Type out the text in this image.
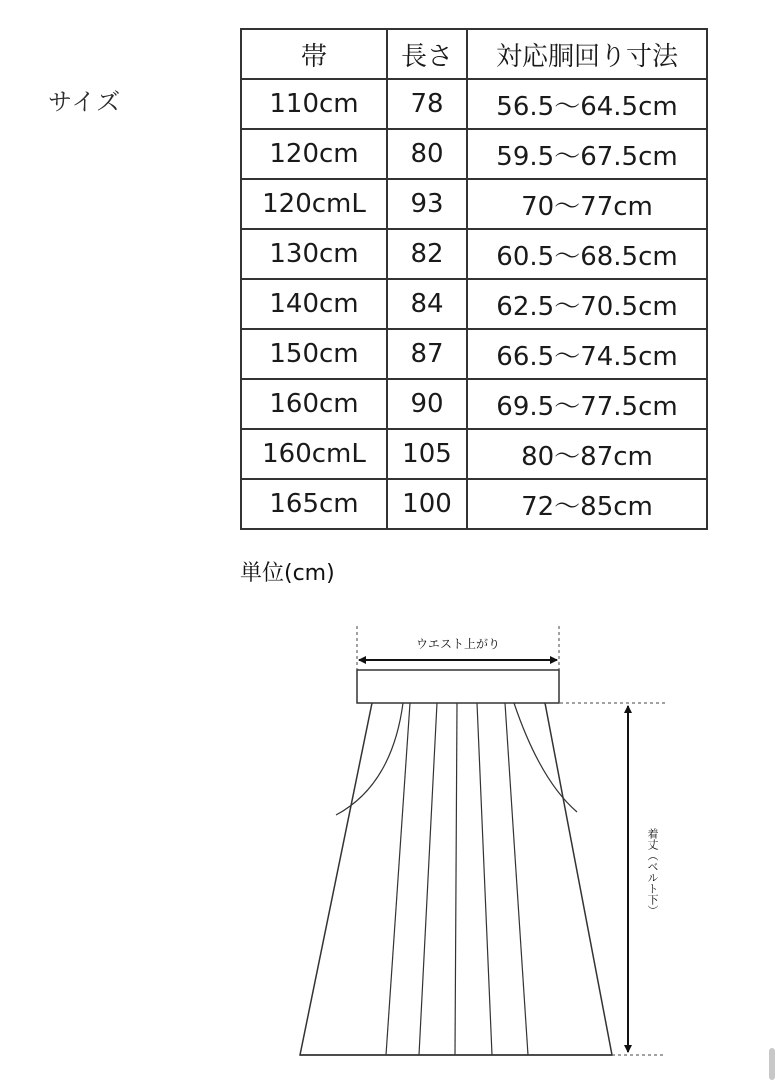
サイズ
帯	長さ	対応胴回り寸法
110cm	78	56.5〜64.5cm
120cm	80	59.5〜67.5cm
120cmL	93	70〜77cm
130cm	82	60.5〜68.5cm
140cm	84	62.5〜70.5cm
150cm	87	66.5〜74.5cm
160cm	90	69.5〜77.5cm
160cmL	105	80〜87cm
165cm	100	72〜85cm
単位(cm)
ウエスト上がり
着丈（ベルト下）
